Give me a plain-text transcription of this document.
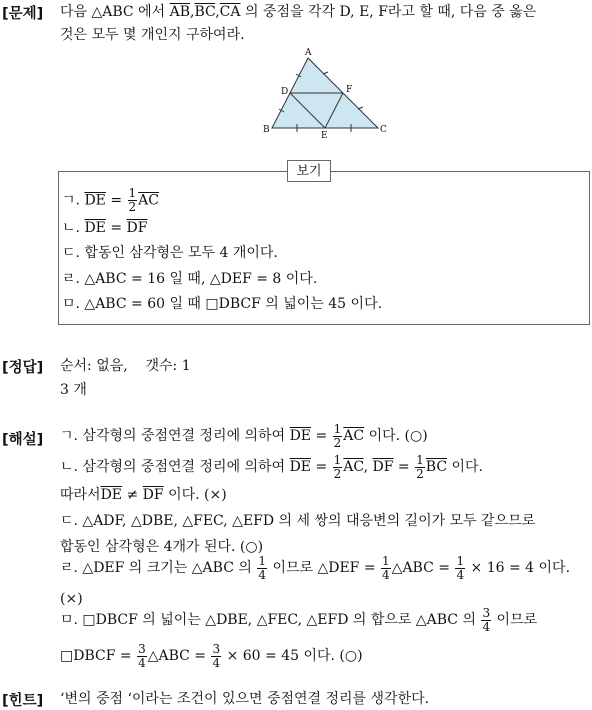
[문제] 다음 △ABC 에서 $\overline{AB},\overline{BC},\overline{CA}$ 의 중점을 각각 D, E, F라고 할 때, 다음 중 옳은
것은 모두 몇 개인지 구하여라.
A
B	C
D
E
F
보기
ㄱ. $\overline{DE} = \frac{1}{2} \overline{AC}$
ㄴ. $\overline{DE} = \overline{DF}$
ㄷ. 합동인 삼각형은 모두 4 개이다.
ㄹ. △ABC = 16 일 때, △DEF = 8 이다.
ㅁ. △ABC = 60 일 때 □DBCF 의 넓이는 45 이다.
[정답] 순서: 없음,    갯수: 1
3 개
[해설] ㄱ. 삼각형의 중점연결 정리에 의하여 $\overline{DE} = \frac{1}{2} \overline{AC}$ 이다. (○)
ㄴ. 삼각형의 중점연결 정리에 의하여 $\overline{DE} = \frac{1}{2} \overline{AC}$, $\overline{DF} = \frac{1}{2} \overline{BC}$ 이다.
따라서$\overline{DE} \ne \overline{DF}$ 이다. (×)
ㄷ. △ADF, △DBE, △FEC, △EFD 의 세 쌍의 대응변의 길이가 모두 같으므로
합동인 삼각형은 4개가 된다. (○)
ㄹ. △DEF 의 크기는 △ABC 의 $\frac{1}{4}$ 이므로 △DEF = $\frac{1}{4}$ △ABC = $\frac{1}{4} \times 16 = 4$ 이다.
(×)
ㅁ. □DBCF 의 넓이는 △DBE, △FEC, △EFD 의 합으로 △ABC 의 $\frac{3}{4}$ 이므로
□DBCF = $\frac{3}{4}$ △ABC = $\frac{3}{4} \times 60 = 45$ 이다. (○)
[힌트] ‘변의 중점 ‘이라는 조건이 있으면 중점연결 정리를 생각한다.
